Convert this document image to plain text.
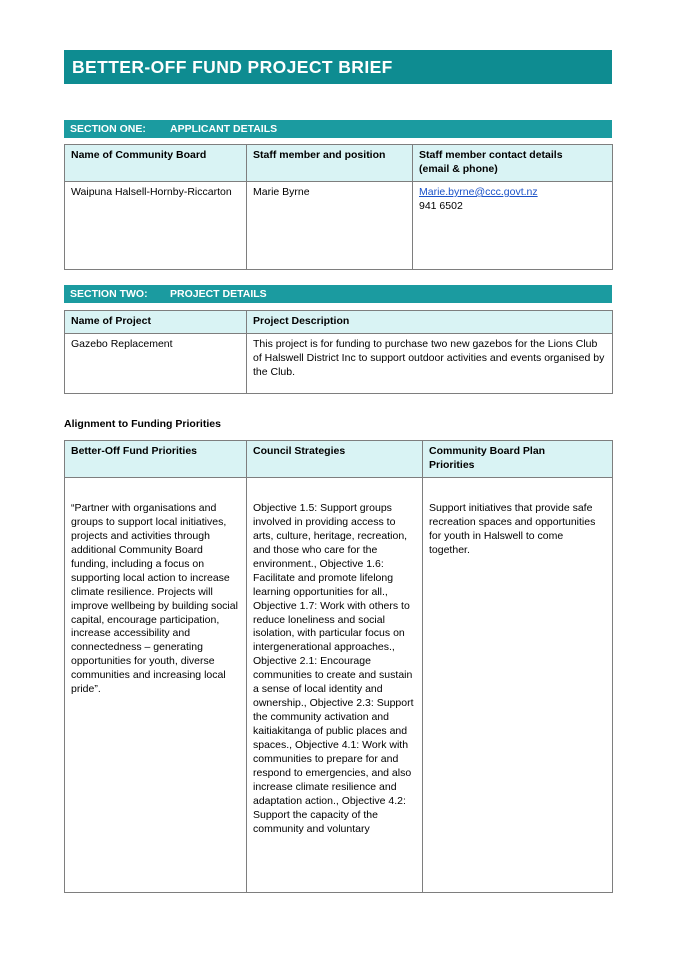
BETTER-OFF FUND PROJECT BRIEF
SECTION ONE:	APPLICANT DETAILS
Name of Community Board	Staff member and position	Staff member contact details
(email & phone)

Waipuna Halsell-Hornby-Riccarton	Marie Byrne	Marie.byrne@ccc.govt.nz
941 6502
SECTION TWO:	PROJECT DETAILS
Name of Project	Project Description
Gazebo Replacement	This project is for funding to purchase two new gazebos for the Lions Club of Halswell District Inc to support outdoor activities and events organised by the Club.
Alignment to Funding Priorities
Better-Off Fund Priorities	Council Strategies	Community Board Plan
Priorities

“Partner with organisations and groups to support local initiatives, projects and activities through additional Community Board funding, including a focus on supporting local action to increase climate resilience. Projects will improve wellbeing by building social capital, encourage participation, increase accessibility and connectedness – generating opportunities for youth, diverse communities and increasing local pride”.	Objective 1.5: Support groups involved in providing access to arts, culture, heritage, recreation, and those who care for the environment., Objective 1.6: Facilitate and promote lifelong learning opportunities for all., Objective 1.7: Work with others to reduce loneliness and social isolation, with particular focus on intergenerational approaches., Objective 2.1: Encourage communities to create and sustain a sense of local identity and ownership., Objective 2.3: Support the community activation and kaitiakitanga of public places and spaces., Objective 4.1: Work with communities to prepare for and respond to emergencies, and also increase climate resilience and adaptation action., Objective 4.2: Support the capacity of the community and voluntary	Support initiatives that provide safe recreation spaces and opportunities for youth in Halswell to come together.
